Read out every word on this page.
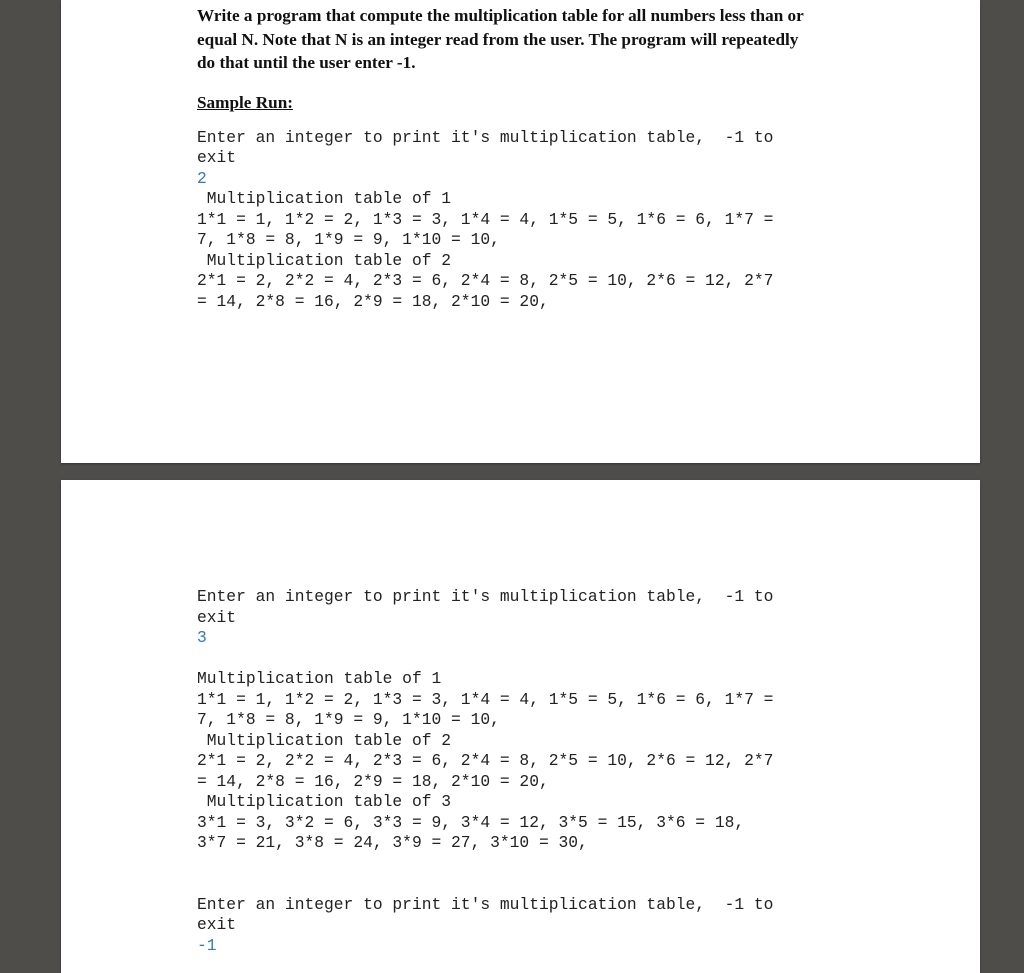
Write a program that compute the multiplication table for all numbers less than or
equal N. Note that N is an integer read from the user. The program will repeatedly
do that until the user enter -1.
Sample Run:
Enter an integer to print it's multiplication table,  -1 to
exit
2
Multiplication table of 1
1*1 = 1, 1*2 = 2, 1*3 = 3, 1*4 = 4, 1*5 = 5, 1*6 = 6, 1*7 =
7, 1*8 = 8, 1*9 = 9, 1*10 = 10,
Multiplication table of 2
2*1 = 2, 2*2 = 4, 2*3 = 6, 2*4 = 8, 2*5 = 10, 2*6 = 12, 2*7
= 14, 2*8 = 16, 2*9 = 18, 2*10 = 20,
Enter an integer to print it's multiplication table,  -1 to
exit
3
Multiplication table of 1
1*1 = 1, 1*2 = 2, 1*3 = 3, 1*4 = 4, 1*5 = 5, 1*6 = 6, 1*7 =
7, 1*8 = 8, 1*9 = 9, 1*10 = 10,
Multiplication table of 2
2*1 = 2, 2*2 = 4, 2*3 = 6, 2*4 = 8, 2*5 = 10, 2*6 = 12, 2*7
= 14, 2*8 = 16, 2*9 = 18, 2*10 = 20,
Multiplication table of 3
3*1 = 3, 3*2 = 6, 3*3 = 9, 3*4 = 12, 3*5 = 15, 3*6 = 18,
3*7 = 21, 3*8 = 24, 3*9 = 27, 3*10 = 30,
Enter an integer to print it's multiplication table,  -1 to
exit
-1
